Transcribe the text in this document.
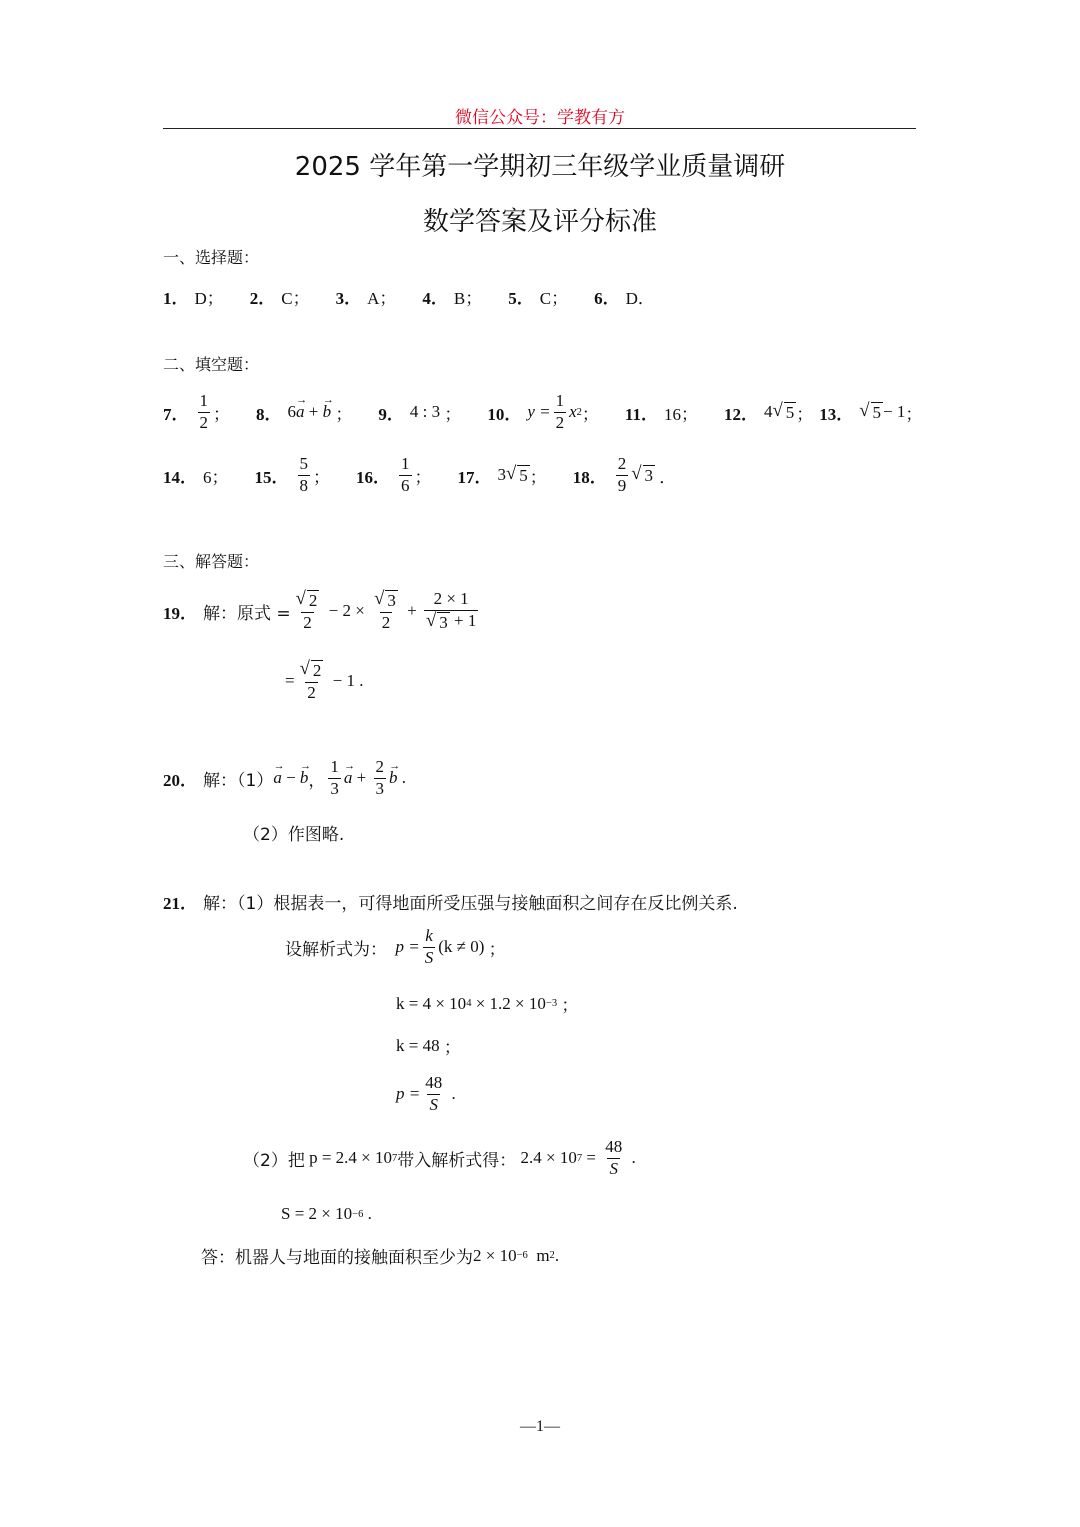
微信公众号：学教有方
2025 学年第一学期初三年级学业质量调研
数学答案及评分标准
一、选择题：
1． D； 2． C； 3． A； 4． B； 5． C； 6． D．
二、填空题：
7． $\frac{1}{2}$ ； 8． 6
→ a
+

→ b
； 9． 4 : 3
； 10． $y = \frac{1}{2}$ x 2 ； 11． 16； 12． 4 √ 5 ； 13． √ 5 − 1 ；
14． 6； 15． $\frac{5}{8}$ ； 16． $\frac{1}{6}$ ； 17． 3 √ 5 ； 18． $\frac{2}{9}$ √ 3
．
三、解答题：
19． 解：原式 = $\frac{√ 2}{2} - 2 \times \frac{√ 3}{2} + \frac{2 \times 1}{√ 3 + 1}$
= $\frac{√ 2}{2} - 1$ .
20． 解：（1）
→ a −
→ b ， $\frac{1}{3}$
→ $a + \frac{2}{3}$
→ b .
（2）作图略.
21． 解：（1）根据表一，可得地面所受压强与接触面积之间存在反比例关系.
设解析式为：
$p = \frac{k}{S} (k \ne 0)$
；
k = 4 × 10 4 × 1.2 × 10 −3
；
k = 48
；
$p = \frac{48}{S}$ .
（2）把
p = 2.4 × 10 7 带入解析式得：
2.4 × 10 $7 = \frac{48}{S}$ .
S = 2 × 10 −6 .
答：机器人与地面的接触面积至少为 2 × 10 −6 m 2 .
—1—
